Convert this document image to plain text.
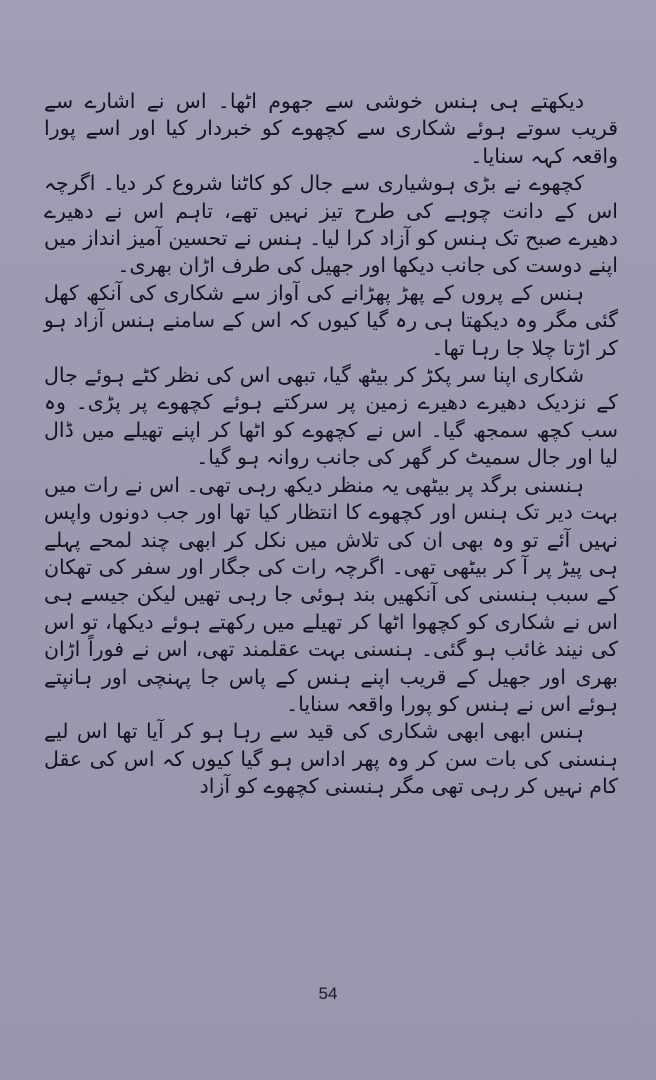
دیکھتے ہی ہنس خوشی سے جھوم اٹھا۔ اس نے اشارے سے قریب سوتے ہوئے شکاری سے کچھوے کو خبردار کیا اور اسے پورا واقعہ کہہ سنایا۔

کچھوے نے بڑی ہوشیاری سے جال کو کاٹنا شروع کر دیا۔ اگرچہ اس کے دانت چوہے کی طرح تیز نہیں تھے، تاہم اس نے دھیرے دھیرے صبح تک ہنس کو آزاد کرا لیا۔ ہنس نے تحسین آمیز انداز میں اپنے دوست کی جانب دیکھا اور جھیل کی طرف اڑان بھری۔

ہنس کے پروں کے پھڑ پھڑانے کی آواز سے شکاری کی آنکھ کھل گئی مگر وہ دیکھتا ہی رہ گیا کیوں کہ اس کے سامنے ہنس آزاد ہو کر اڑتا چلا جا رہا تھا۔

شکاری اپنا سر پکڑ کر بیٹھ گیا، تبھی اس کی نظر کٹے ہوئے جال کے نزدیک دھیرے دھیرے زمین پر سرکتے ہوئے کچھوے پر پڑی۔ وہ سب کچھ سمجھ گیا۔ اس نے کچھوے کو اٹھا کر اپنے تھیلے میں ڈال لیا اور جال سمیٹ کر گھر کی جانب روانہ ہو گیا۔

ہنسنی برگد پر بیٹھی یہ منظر دیکھ رہی تھی۔ اس نے رات میں بہت دیر تک ہنس اور کچھوے کا انتظار کیا تھا اور جب دونوں واپس نہیں آئے تو وہ بھی ان کی تلاش میں نکل کر ابھی چند لمحے پہلے ہی پیڑ پر آ کر بیٹھی تھی۔ اگرچہ رات کی جگار اور سفر کی تھکان کے سبب ہنسنی کی آنکھیں بند ہوئی جا رہی تھیں لیکن جیسے ہی اس نے شکاری کو کچھوا اٹھا کر تھیلے میں رکھتے ہوئے دیکھا، تو اس کی نیند غائب ہو گئی۔ ہنسنی بہت عقلمند تھی، اس نے فوراً اڑان بھری اور جھیل کے قریب اپنے ہنس کے پاس جا پہنچی اور ہانپتے ہوئے اس نے ہنس کو پورا واقعہ سنایا۔

ہنس ابھی ابھی شکاری کی قید سے رہا ہو کر آیا تھا اس لیے ہنسنی کی بات سن کر وہ پھر اداس ہو گیا کیوں کہ اس کی عقل کام نہیں کر رہی تھی مگر ہنسنی کچھوے کو آزاد

54
